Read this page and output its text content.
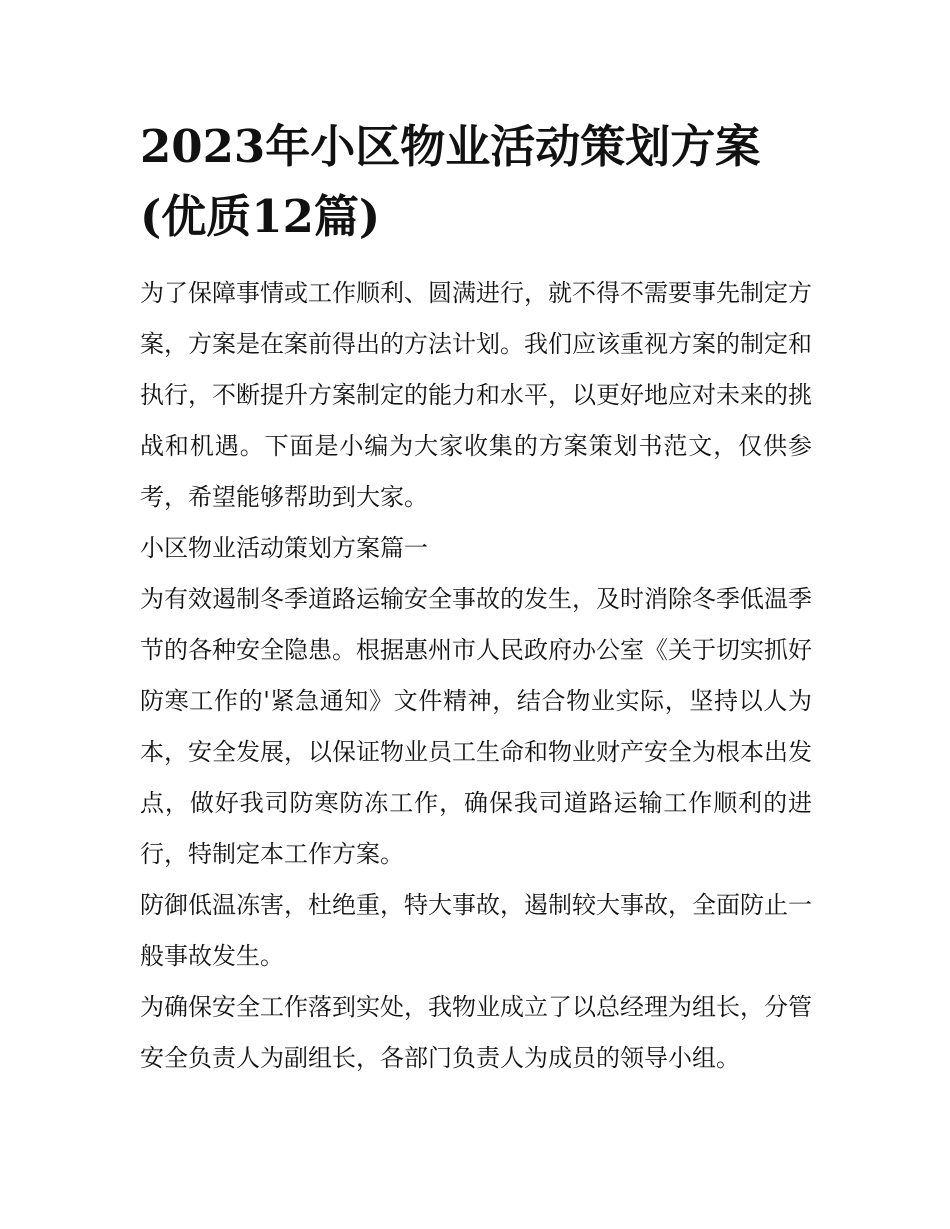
2023年小区物业活动策划方案(优质12篇)

为了保障事情或工作顺利、圆满进行，就不得不需要事先制定方案，方案是在案前得出的方法计划。我们应该重视方案的制定和执行，不断提升方案制定的能力和水平，以更好地应对未来的挑战和机遇。下面是小编为大家收集的方案策划书范文，仅供参考，希望能够帮助到大家。

小区物业活动策划方案篇一

为有效遏制冬季道路运输安全事故的发生，及时消除冬季低温季节的各种安全隐患。根据惠州市人民政府办公室《关于切实抓好防寒工作的'紧急通知》文件精神，结合物业实际，坚持以人为本，安全发展，以保证物业员工生命和物业财产安全为根本出发点，做好我司防寒防冻工作，确保我司道路运输工作顺利的进行，特制定本工作方案。

防御低温冻害，杜绝重，特大事故，遏制较大事故，全面防止一般事故发生。

为确保安全工作落到实处，我物业成立了以总经理为组长，分管安全负责人为副组长，各部门负责人为成员的领导小组。
